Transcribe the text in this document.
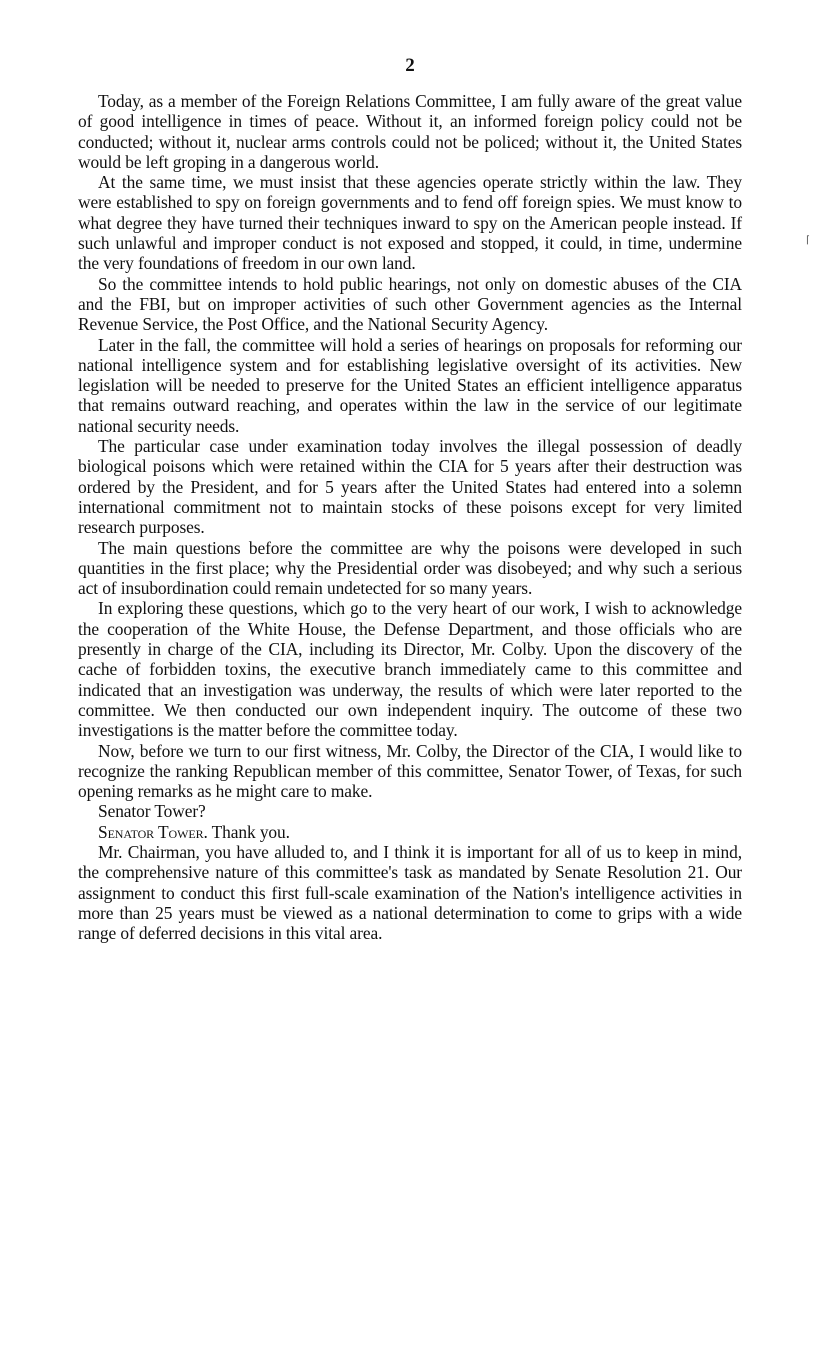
2

Today, as a member of the Foreign Relations Committee, I am fully aware of the great value of good intelligence in times of peace. Without it, an informed foreign policy could not be conducted; without it, nuclear arms controls could not be policed; without it, the United States would be left groping in a dangerous world.

At the same time, we must insist that these agencies operate strictly within the law. They were established to spy on foreign governments and to fend off foreign spies. We must know to what degree they have turned their techniques inward to spy on the American people instead. If such unlawful and improper conduct is not exposed and stopped, it could, in time, undermine the very foundations of freedom in our own land.

So the committee intends to hold public hearings, not only on domestic abuses of the CIA and the FBI, but on improper activities of such other Government agencies as the Internal Revenue Service, the Post Office, and the National Security Agency.

Later in the fall, the committee will hold a series of hearings on proposals for reforming our national intelligence system and for establishing legislative oversight of its activities. New legislation will be needed to preserve for the United States an efficient intelligence apparatus that remains outward reaching, and operates within the law in the service of our legitimate national security needs.

The particular case under examination today involves the illegal possession of deadly biological poisons which were retained within the CIA for 5 years after their destruction was ordered by the President, and for 5 years after the United States had entered into a solemn international commitment not to maintain stocks of these poisons except for very limited research purposes.

The main questions before the committee are why the poisons were developed in such quantities in the first place; why the Presidential order was disobeyed; and why such a serious act of insubordination could remain undetected for so many years.

In exploring these questions, which go to the very heart of our work, I wish to acknowledge the cooperation of the White House, the Defense Department, and those officials who are presently in charge of the CIA, including its Director, Mr. Colby. Upon the discovery of the cache of forbidden toxins, the executive branch immediately came to this committee and indicated that an investigation was underway, the results of which were later reported to the committee. We then conducted our own independent inquiry. The outcome of these two investigations is the matter before the committee today.

Now, before we turn to our first witness, Mr. Colby, the Director of the CIA, I would like to recognize the ranking Republican member of this committee, Senator Tower, of Texas, for such opening remarks as he might care to make.

Senator Tower?

Senator Tower. Thank you.

Mr. Chairman, you have alluded to, and I think it is important for all of us to keep in mind, the comprehensive nature of this committee's task as mandated by Senate Resolution 21. Our assignment to conduct this first full-scale examination of the Nation's intelligence activities in more than 25 years must be viewed as a national determination to come to grips with a wide range of deferred decisions in this vital area.

⌈
